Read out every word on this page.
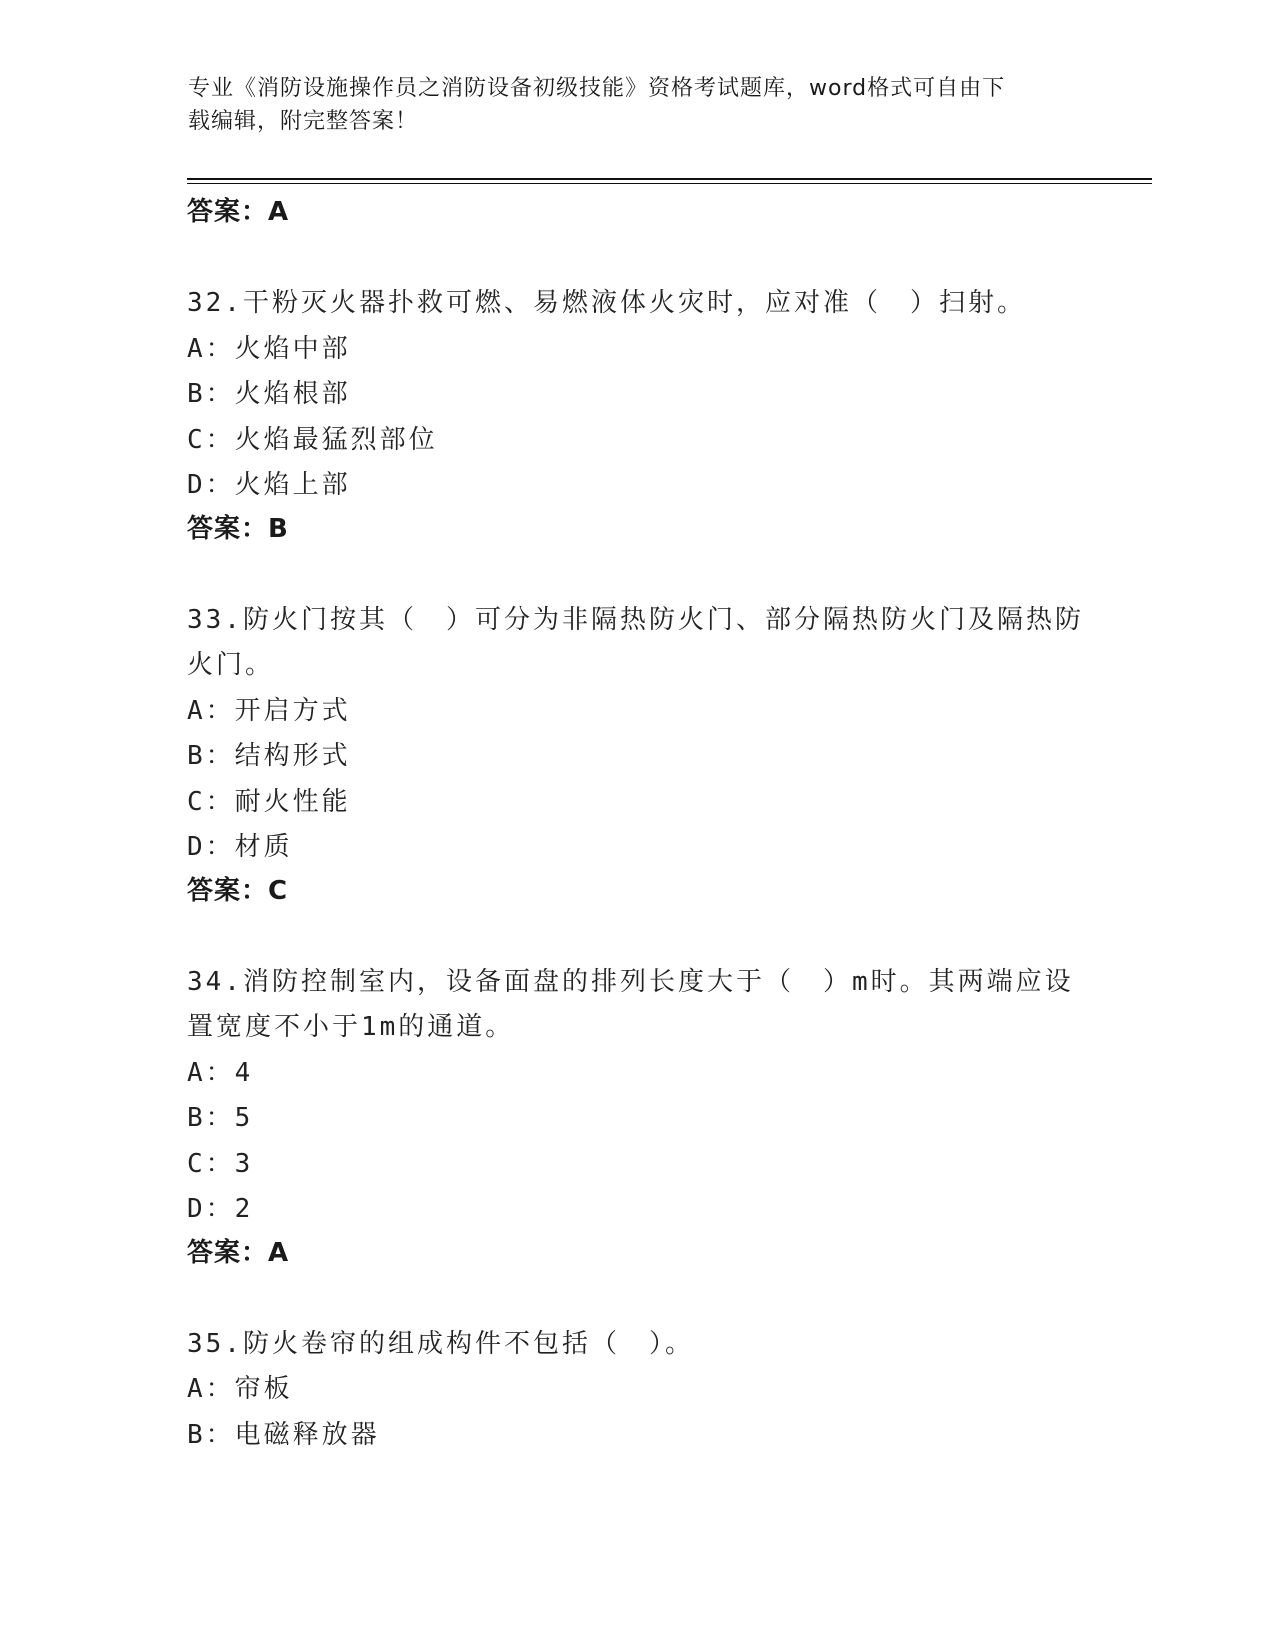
专业《消防设施操作员之消防设备初级技能》资格考试题库，word格式可自由下
载编辑，附完整答案！
答案：A
32.干粉灭火器扑救可燃、易燃液体火灾时，应对准（　）扫射。
A：火焰中部
B：火焰根部
C：火焰最猛烈部位
D：火焰上部
答案：B
33.防火门按其（　）可分为非隔热防火门、部分隔热防火门及隔热防火门。
A：开启方式
B：结构形式
C：耐火性能
D：材质
答案：C
34.消防控制室内，设备面盘的排列长度大于（　）m时。其两端应设置宽度不小于1m的通道。
A：4
B：5
C：3
D：2
答案：A
35.防火卷帘的组成构件不包括（　）。
A：帘板
B：电磁释放器
